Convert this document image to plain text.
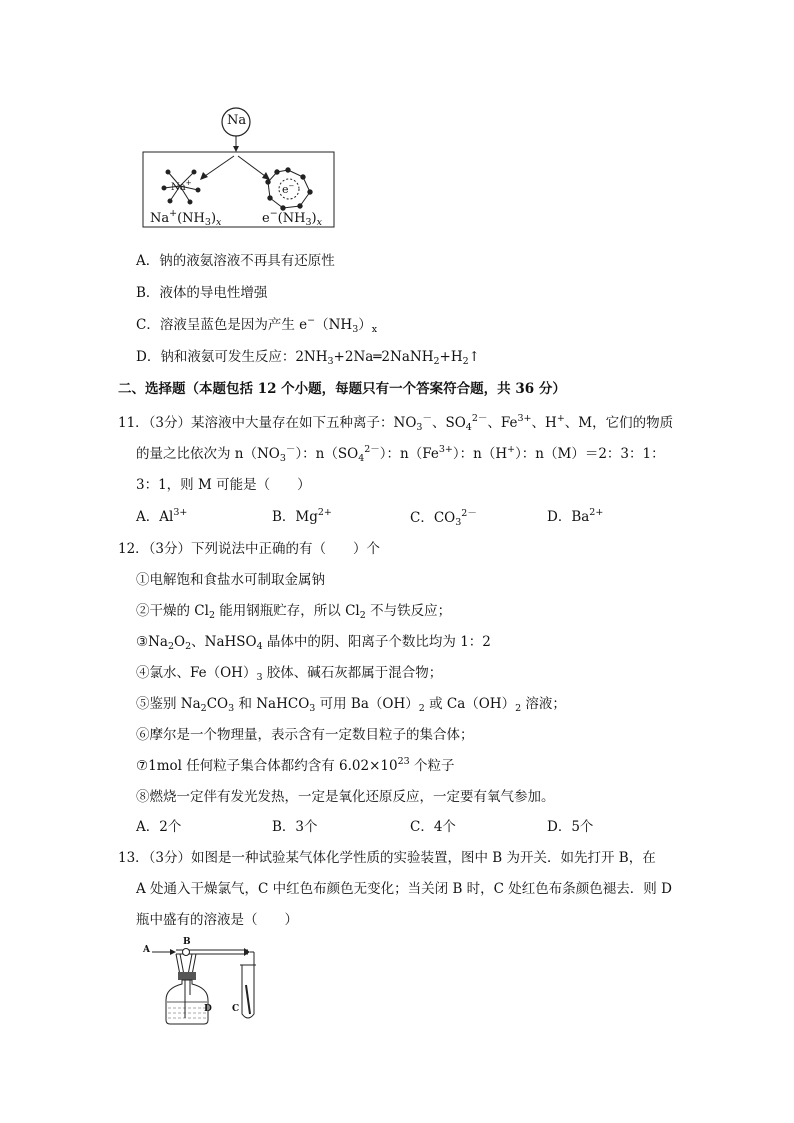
Na
Na+	e−
$Na^+(NH_3)_x$	$e^-(NH_3)_x$
A．钠的液氨溶液不再具有还原性
B．液体的导电性增强
C．溶液呈蓝色是因为产生 $e^-(NH_3)_x$
D．钠和液氨可发生反应：$2NH_3+2Na═2NaNH_2+H_2↑$
二、选择题（本题包括 12 个小题，每题只有一个答案符合题，共 36 分）
11．（3分）某溶液中大量存在如下五种离子：$NO_3^-$、$SO_4^{2-}$、$Fe^{3+}$、H+、M，它们的物质
的量之比依次为 $n(NO_3^-)$：$n(SO_4^{2-})$：$n(Fe^{3+})$：n（H+）：n（M）＝2：3：1：
3：1，则 M 可能是（　　）
A．$Al^{3+}$	B．$Mg^{2+}$	C．$CO_3^{2-}$	D．$Ba^{2+}$
12．（3分）下列说法中正确的有（　　）个
①电解饱和食盐水可制取金属钠
②干燥的 $Cl_2$ 能用钢瓶贮存，所以 $Cl_2$ 不与铁反应；
$③Na_2O_2$、NaHSO$_4$ 晶体中的阴、阳离子个数比均为 1：2
④氯水、$Fe(OH)_3$ 胶体、碱石灰都属于混合物；
⑤鉴别 $Na_2CO_3$ 和 NaHCO$_3$ 可用 $Ba(OH)_2$ 或 $Ca(OH)_2$ 溶液；
⑥摩尔是一个物理量，表示含有一定数目粒子的集合体；
⑦1mol 任何粒子集合体都约含有 $6.02\times 10^{23}$ 个粒子
⑧燃烧一定伴有发光发热，一定是氧化还原反应，一定要有氧气参加。
A．2个	B．3个	C．4个	D．5个
13．（3分）如图是一种试验某气体化学性质的实验装置，图中 B 为开关．如先打开 B，在
A 处通入干燥氯气，C 中红色布颜色无变化；当关闭 B 时，C 处红色布条颜色褪去．则 D
瓶中盛有的溶液是（　　）
A
B
C
D
